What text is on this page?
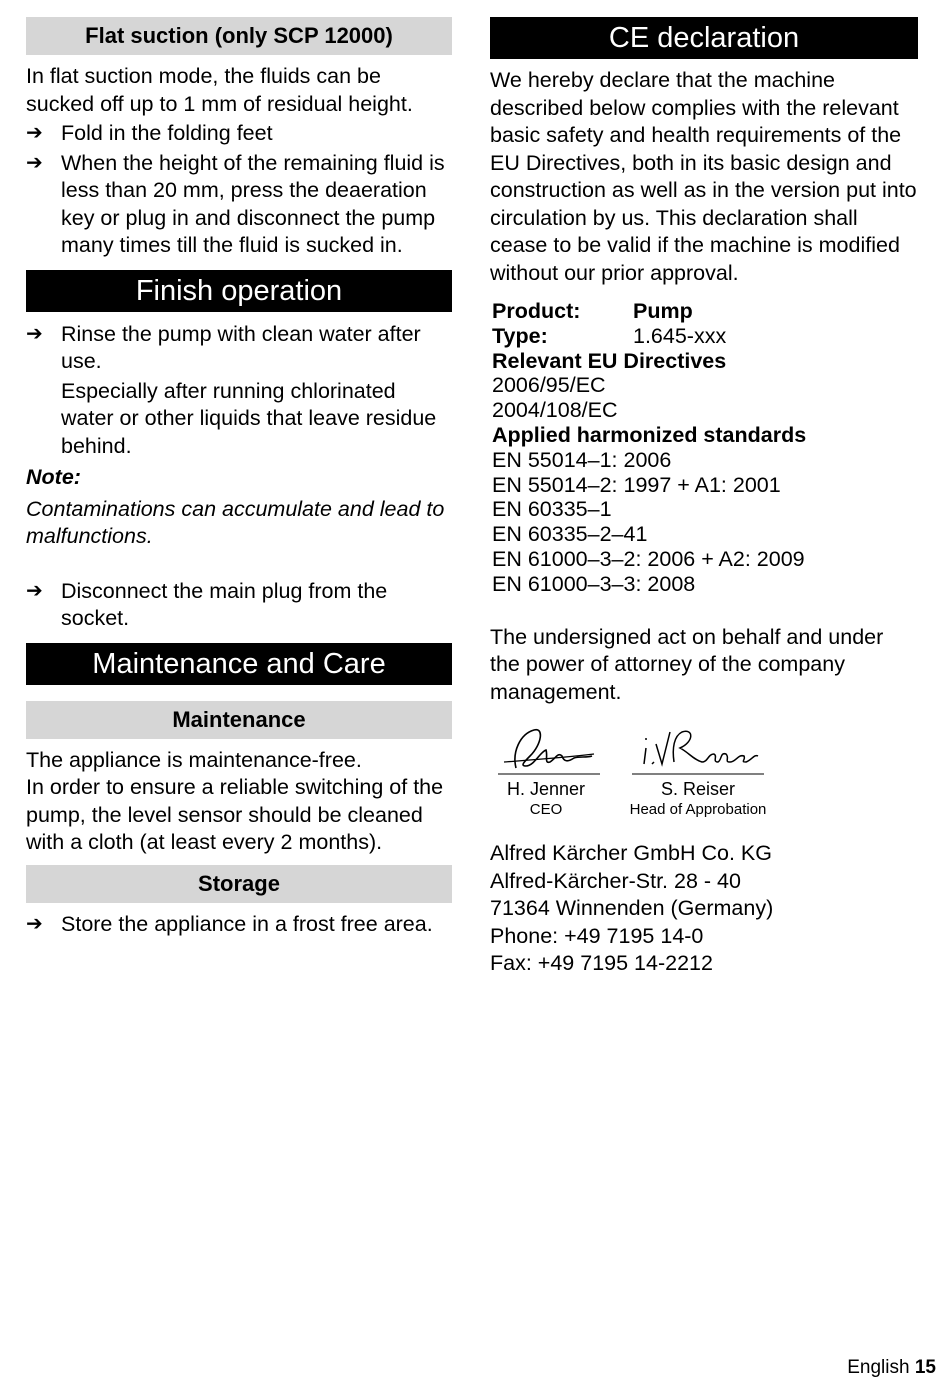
Flat suction (only SCP 12000)

In flat suction mode, the fluids can be sucked off up to 1 mm of residual height.

➔ Fold in the folding feet
➔ When the height of the remaining fluid is less than 20 mm, press the deaeration key or plug in and disconnect the pump many times till the fluid is sucked in.
Finish operation
➔ Rinse the pump with clean water after use.

Especially after running chlorinated water or other liquids that leave residue behind.

Note:

Contaminations can accumulate and lead to malfunctions.

➔ Disconnect the main plug from the socket.
Maintenance and Care
Maintenance

The appliance is maintenance-free.

In order to ensure a reliable switching of the pump, the level sensor should be cleaned with a cloth (at least every 2 months).

Storage
➔ Store the appliance in a frost free area.
CE declaration

We hereby declare that the machine described below complies with the relevant basic safety and health requirements of the EU Directives, both in its basic design and construction as well as in the version put into circulation by us. This declaration shall cease to be valid if the machine is modified without our prior approval.

Product:	Pump
Type:	1.645-xxx
Relevant EU Directives
2006/95/EC
2004/108/EC
Applied harmonized standards
EN 55014–1: 2006
EN 55014–2: 1997 + A1: 2001
EN 60335–1
EN 60335–2–41
EN 61000–3–2: 2006 + A2: 2009
EN 61000–3–3: 2008

The undersigned act on behalf and under the power of attorney of the company management.

H. Jenner
CEO
S. Reiser
Head of Approbation
Alfred Kärcher GmbH Co. KG
Alfred-Kärcher-Str. 28 - 40
71364 Winnenden (Germany)
Phone: +49 7195 14-0
Fax: +49 7195 14-2212
English 15
